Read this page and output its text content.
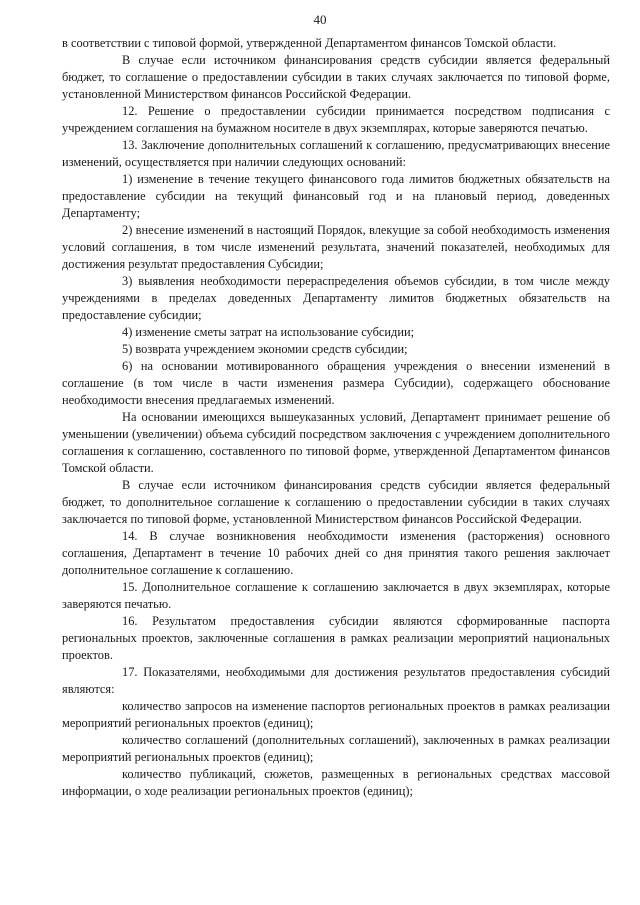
40

в соответствии с типовой формой, утвержденной Департаментом финансов Томской области.

В случае если источником финансирования средств субсидии является федеральный бюджет, то соглашение о предоставлении субсидии в таких случаях заключается по типовой форме, установленной Министерством финансов Российской Федерации.

12. Решение о предоставлении субсидии принимается посредством подписания с учреждением соглашения на бумажном носителе в двух экземплярах, которые заверяются печатью.

13. Заключение дополнительных соглашений к соглашению, предусматривающих внесение изменений, осуществляется при наличии следующих оснований:

1) изменение в течение текущего финансового года лимитов бюджетных обязательств на предоставление субсидии на текущий финансовый год и на плановый период, доведенных Департаменту;

2) внесение изменений в настоящий Порядок, влекущие за собой необходимость изменения условий соглашения, в том числе изменений результата, значений показателей, необходимых для достижения результат предоставления Субсидии;

3) выявления необходимости перераспределения объемов субсидии, в том числе между учреждениями в пределах доведенных Департаменту лимитов бюджетных обязательств на предоставление субсидии;

4) изменение сметы затрат на использование субсидии;

5) возврата учреждением экономии средств субсидии;

6) на основании мотивированного обращения учреждения о внесении изменений в соглашение (в том числе в части изменения размера Субсидии), содержащего обоснование необходимости внесения предлагаемых изменений.

На основании имеющихся вышеуказанных условий, Департамент принимает решение об уменьшении (увеличении) объема субсидий посредством заключения с учреждением дополнительного соглашения к соглашению, составленного по типовой форме, утвержденной Департаментом финансов Томской области.

В случае если источником финансирования средств субсидии является федеральный бюджет, то дополнительное соглашение к соглашению о предоставлении субсидии в таких случаях заключается по типовой форме, установленной Министерством финансов Российской Федерации.

14. В случае возникновения необходимости изменения (расторжения) основного соглашения, Департамент в течение 10 рабочих дней со дня принятия такого решения заключает дополнительное соглашение к соглашению.

15. Дополнительное соглашение к соглашению заключается в двух экземплярах, которые заверяются печатью.

16. Результатом предоставления субсидии являются сформированные паспорта региональных проектов, заключенные соглашения в рамках реализации мероприятий национальных проектов.

17. Показателями, необходимыми для достижения результатов предоставления субсидий являются:

количество запросов на изменение паспортов региональных проектов в рамках реализации мероприятий региональных проектов (единиц);

количество соглашений (дополнительных соглашений), заключенных в рамках реализации мероприятий региональных проектов (единиц);

количество публикаций, сюжетов, размещенных в региональных средствах массовой информации, о ходе реализации региональных проектов (единиц);
